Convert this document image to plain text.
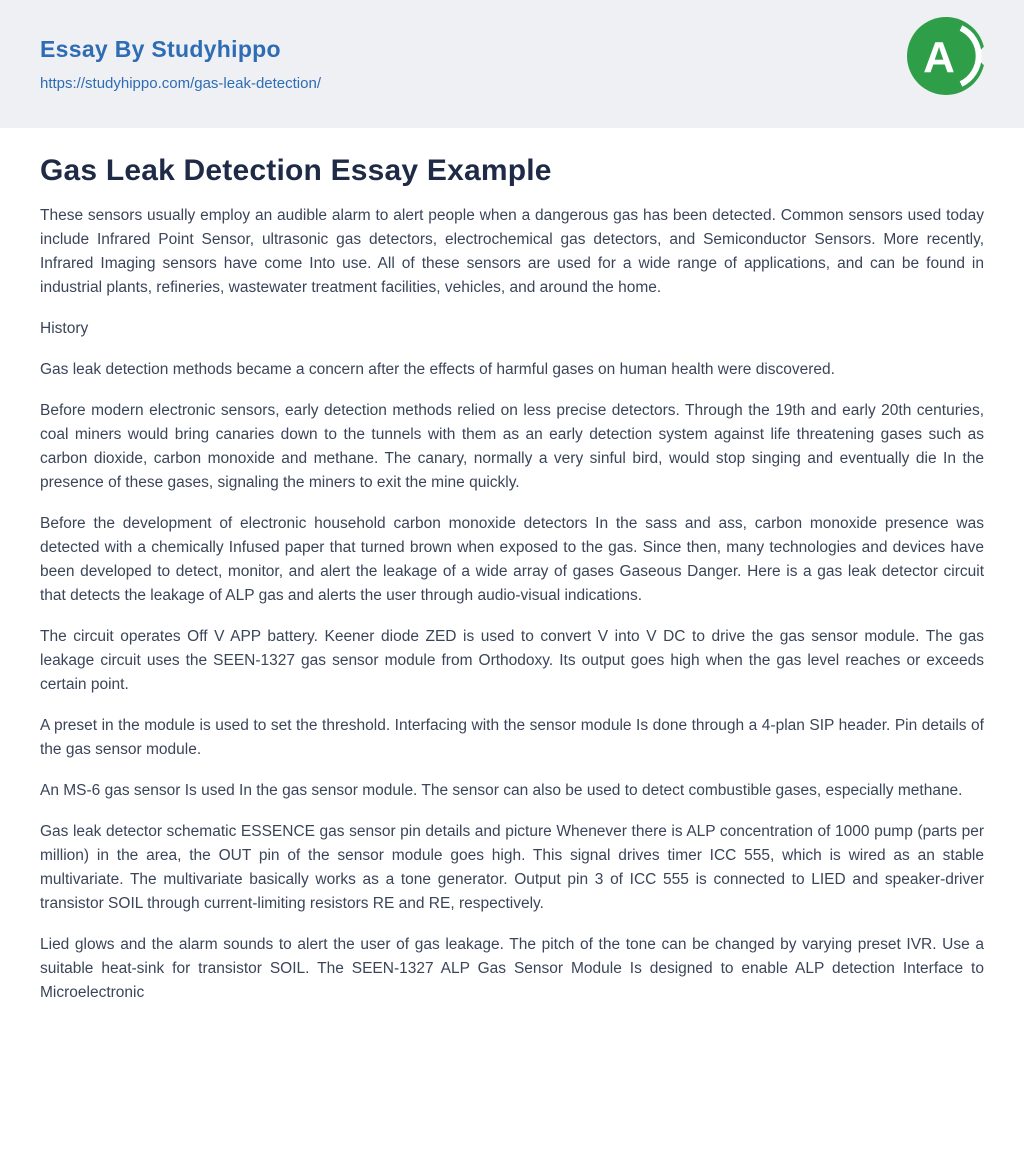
Essay By Studyhippo
https://studyhippo.com/gas-leak-detection/
A
Gas Leak Detection Essay Example

These sensors usually employ an audible alarm to alert people when a dangerous gas has been detected. Common sensors used today include Infrared Point Sensor, ultrasonic gas detectors, electrochemical gas detectors, and Semiconductor Sensors. More recently, Infrared Imaging sensors have come Into use. All of these sensors are used for a wide range of applications, and can be found in industrial plants, refineries, wastewater treatment facilities, vehicles, and around the home.

History

Gas leak detection methods became a concern after the effects of harmful gases on human health were discovered.

Before modern electronic sensors, early detection methods relied on less precise detectors. Through the 19th and early 20th centuries, coal miners would bring canaries down to the tunnels with them as an early detection system against life threatening gases such as carbon dioxide, carbon monoxide and methane. The canary, normally a very sinful bird, would stop singing and eventually die In the presence of these gases, signaling the miners to exit the mine quickly.

Before the development of electronic household carbon monoxide detectors In the sass and ass, carbon monoxide presence was detected with a chemically Infused paper that turned brown when exposed to the gas. Since then, many technologies and devices have been developed to detect, monitor, and alert the leakage of a wide array of gases Gaseous Danger. Here is a gas leak detector circuit that detects the leakage of ALP gas and alerts the user through audio-visual indications.

The circuit operates Off V APP battery. Keener diode ZED is used to convert V into V DC to drive the gas sensor module. The gas leakage circuit uses the SEEN-1327 gas sensor module from Orthodoxy. Its output goes high when the gas level reaches or exceeds certain point.

A preset in the module is used to set the threshold. Interfacing with the sensor module Is done through a 4-plan SIP header. Pin details of the gas sensor module.

An MS-6 gas sensor Is used In the gas sensor module. The sensor can also be used to detect combustible gases, especially methane.

Gas leak detector schematic ESSENCE gas sensor pin details and picture Whenever there is ALP concentration of 1000 pump (parts per million) in the area, the OUT pin of the sensor module goes high. This signal drives timer ICC 555, which is wired as an stable multivariate. The multivariate basically works as a tone generator. Output pin 3 of ICC 555 is connected to LIED and speaker-driver transistor SOIL through current-limiting resistors RE and RE, respectively.

Lied glows and the alarm sounds to alert the user of gas leakage. The pitch of the tone can be changed by varying preset IVR. Use a suitable heat-sink for transistor SOIL. The SEEN-1327 ALP Gas Sensor Module Is designed to enable ALP detection Interface to Microelectronic
